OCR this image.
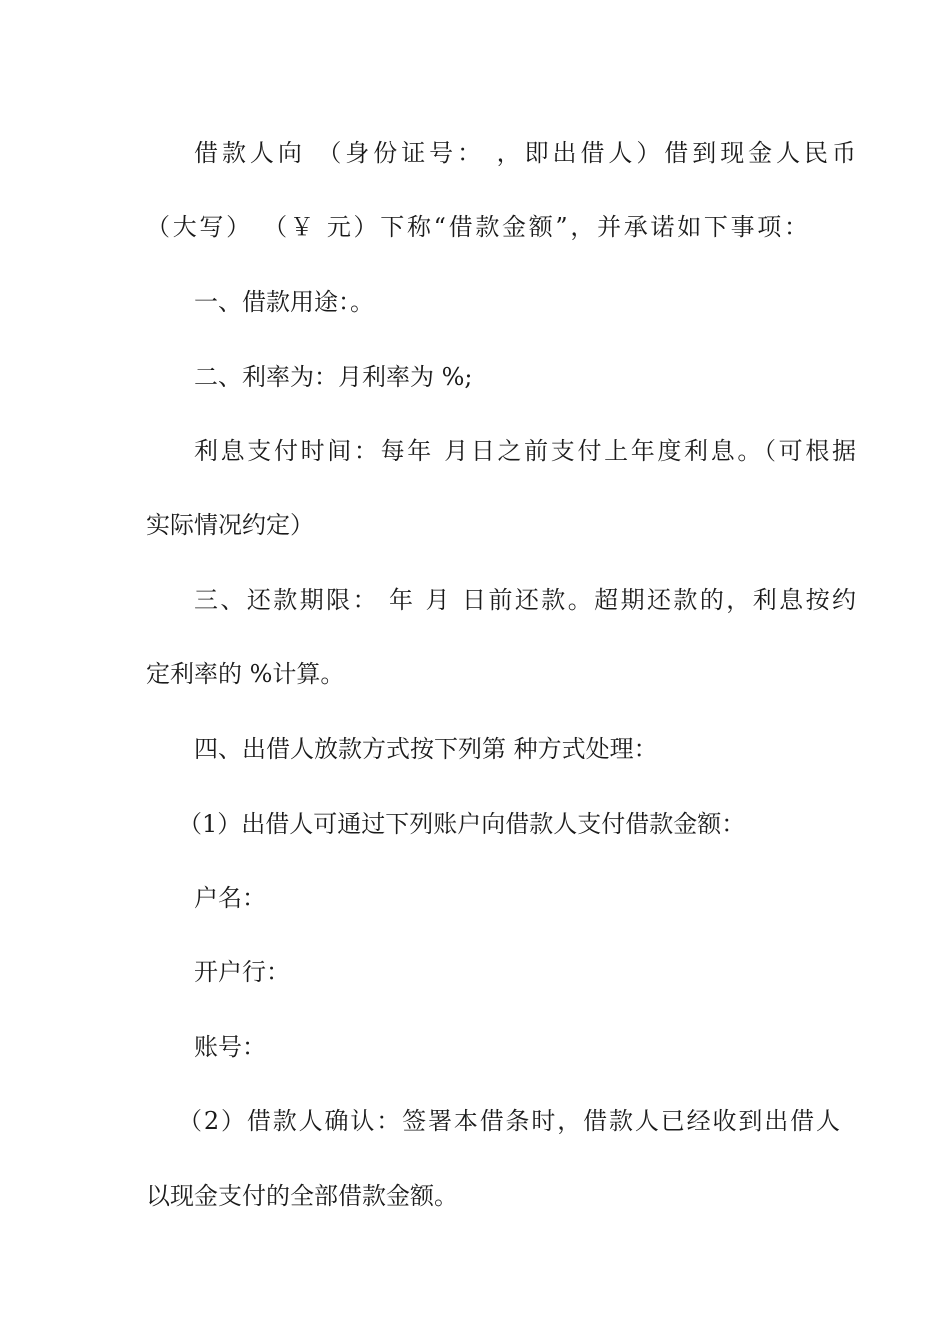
借款人向 （身份证号： ，即出借人）借到现金人民币
（大写） （￥ 元）下称“借款金额”，并承诺如下事项：
一、借款用途：。
二、利率为：月利率为 %;
利息支付时间：每年 月日之前支付上年度利息。（可根据
实际情况约定）
三、还款期限： 年 月 日前还款。超期还款的，利息按约
定利率的 %计算。
四、出借人放款方式按下列第 种方式处理：
（1）出借人可通过下列账户向借款人支付借款金额：
户名：
开户行：
账号：
（2）借款人确认：签署本借条时，借款人已经收到出借人
以现金支付的全部借款金额。
